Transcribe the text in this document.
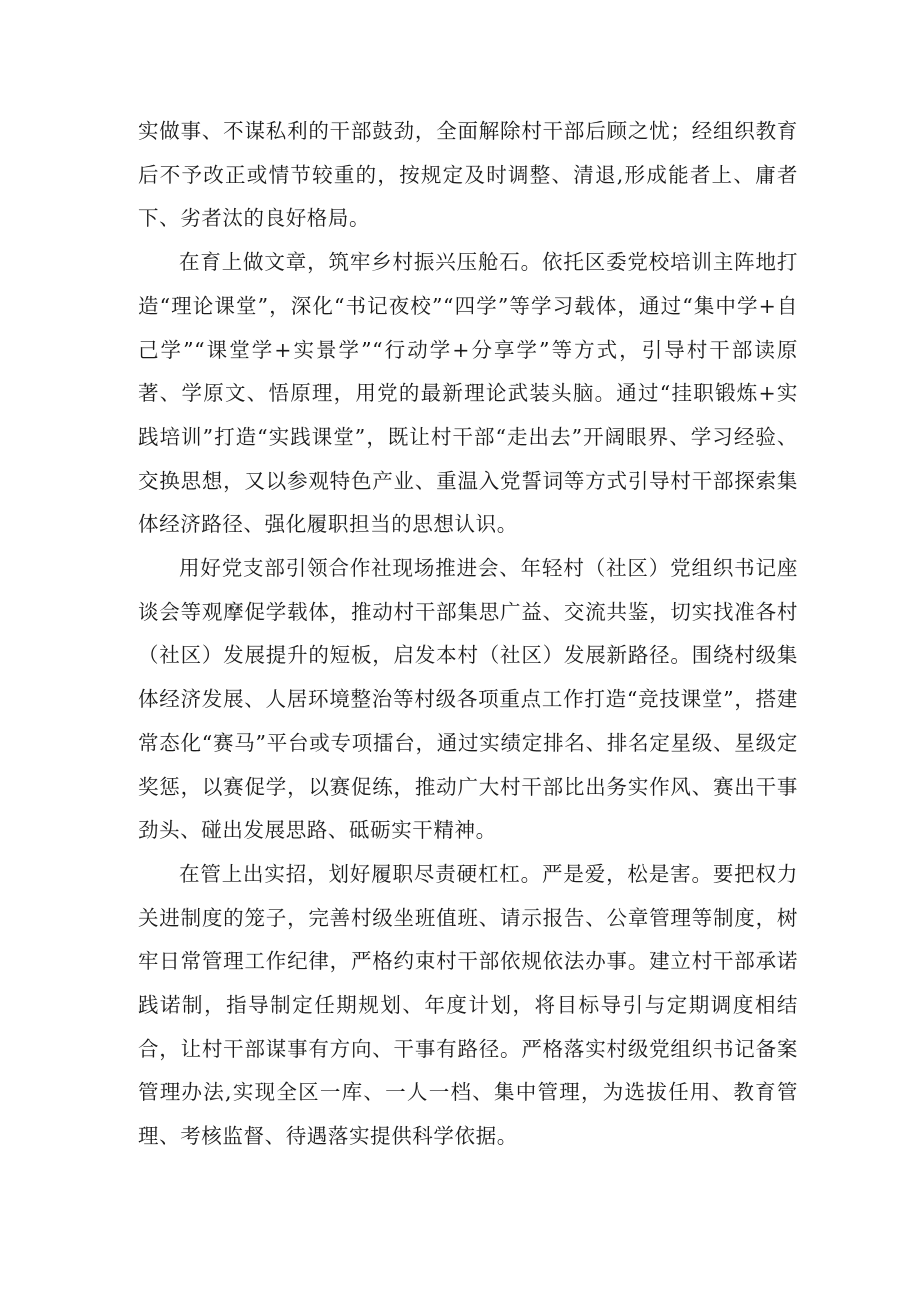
实做事、不谋私利的干部鼓劲，全面解除村干部后顾之忧；经组织教育后不予改正或情节较重的，按规定及时调整、清退,形成能者上、庸者下、劣者汰的良好格局。

在育上做文章，筑牢乡村振兴压舱石。依托区委党校培训主阵地打造“理论课堂”，深化“书记夜校”“四学”等学习载体，通过“集中学+自己学”“课堂学+实景学”“行动学+分享学”等方式，引导村干部读原著、学原文、悟原理，用党的最新理论武装头脑。通过“挂职锻炼+实践培训”打造“实践课堂”，既让村干部“走出去”开阔眼界、学习经验、交换思想，又以参观特色产业、重温入党誓词等方式引导村干部探索集体经济路径、强化履职担当的思想认识。

用好党支部引领合作社现场推进会、年轻村（社区）党组织书记座谈会等观摩促学载体，推动村干部集思广益、交流共鉴，切实找准各村（社区）发展提升的短板，启发本村（社区）发展新路径。围绕村级集体经济发展、人居环境整治等村级各项重点工作打造“竞技课堂”，搭建常态化“赛马”平台或专项擂台，通过实绩定排名、排名定星级、星级定奖惩，以赛促学，以赛促练，推动广大村干部比出务实作风、赛出干事劲头、碰出发展思路、砥砺实干精神。

在管上出实招，划好履职尽责硬杠杠。严是爱，松是害。要把权力关进制度的笼子，完善村级坐班值班、请示报告、公章管理等制度，树牢日常管理工作纪律，严格约束村干部依规依法办事。建立村干部承诺践诺制，指导制定任期规划、年度计划，将目标导引与定期调度相结合，让村干部谋事有方向、干事有路径。严格落实村级党组织书记备案管理办法,实现全区一库、一人一档、集中管理，为选拔任用、教育管理、考核监督、待遇落实提供科学依据。
